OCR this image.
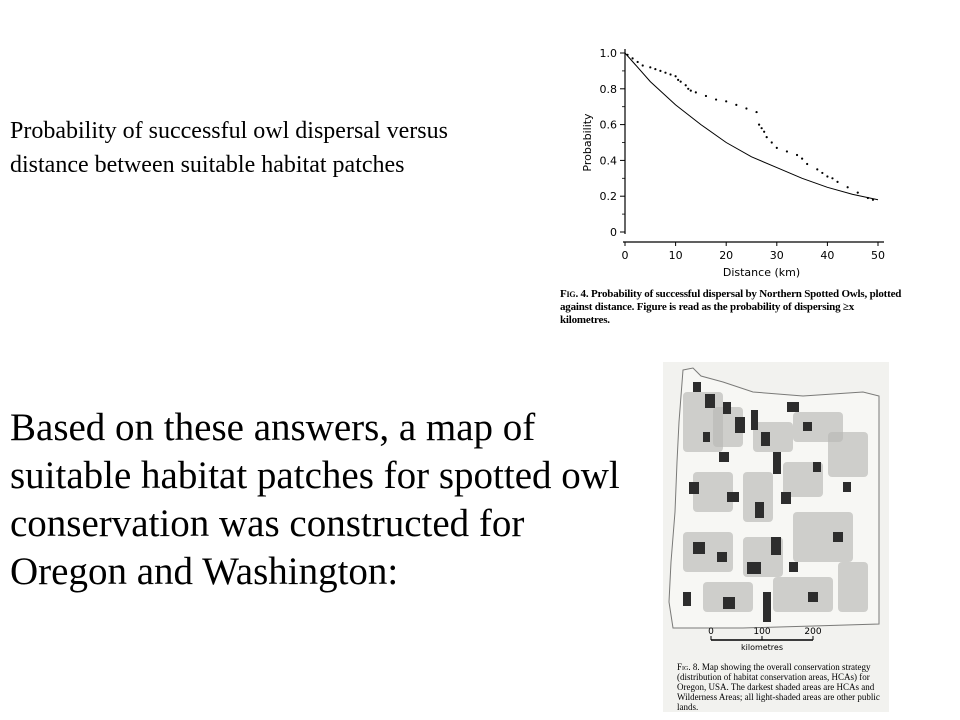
Probability of successful owl dispersal versus distance between suitable habitat patches
Based on these answers, a map of suitable habitat patches for spotted owl conservation was constructed for Oregon and Washington:
0
0.2
0.4
0.6
0.8
1.0
0	10	20	30	40	50
Probability
Distance (km)
Fig. 4. Probability of successful dispersal by Northern Spotted Owls, plotted against distance. Figure is read as the probability of dispersing ≥x kilometres.
0	100	200
kilometres
Fig. 8. Map showing the overall conservation strategy (distribution of habitat conservation areas, HCAs) for Oregon, USA. The darkest shaded areas are HCAs and Wilderness Areas; all light-shaded areas are other public lands.
